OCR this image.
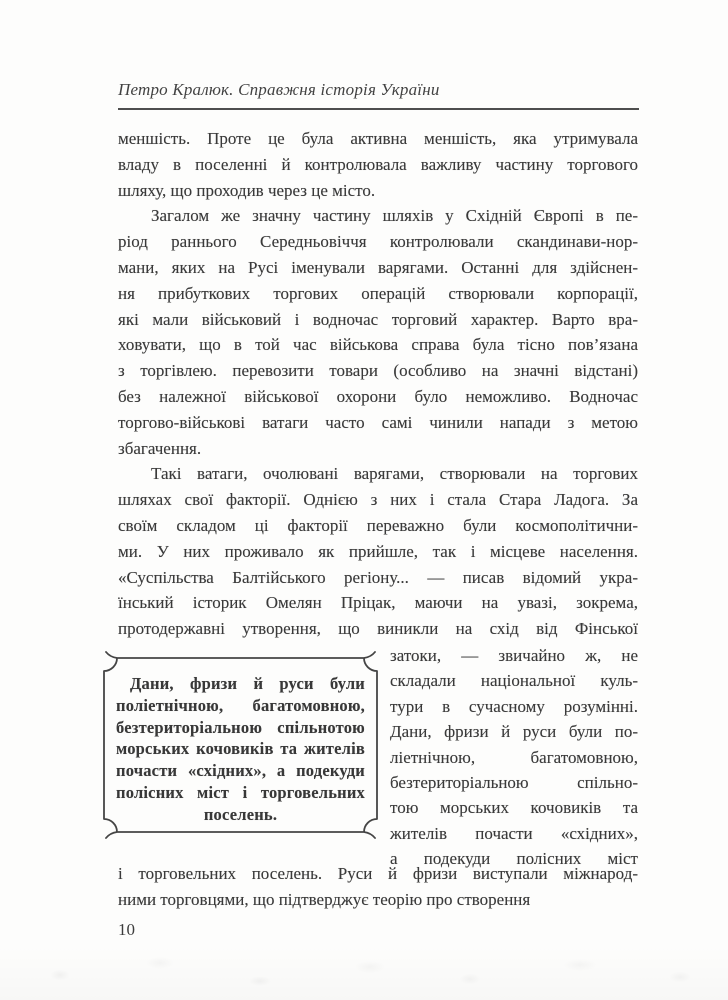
Петро Кралюк. Справжня історія України
меншість. Проте це була активна меншість, яка утримувала
владу в поселенні й контролювала важливу частину торгового
шляху, що проходив через це місто.
Загалом же значну частину шляхів у Східній Європі в пе-
ріод раннього Середньовіччя контролювали скандинави-нор-
мани, яких на Русі іменували варягами. Останні для здійснен-
ня прибуткових торгових операцій створювали корпорації,
які мали військовий і водночас торговий характер. Варто вра-
ховувати, що в той час військова справа була тісно пов’язана
з торгівлею. перевозити товари (особливо на значні відстані)
без належної військової охорони було неможливо. Водночас
торгово-військові ватаги часто самі чинили напади з метою
збагачення.
Такі ватаги, очолювані варягами, створювали на торгових
шляхах свої факторії. Однією з них і стала Стара Ладога. За
своїм складом ці факторії переважно були космополітични-
ми. У них проживало як прийшле, так і місцеве населення.
«Суспільства Балтійського регіону... — писав відомий укра-
їнський історик Омелян Пріцак, маючи на увазі, зокрема,
протодержавні утворення, що виникли на схід від Фінської
Дани, фризи й руси були
поліетнічною, багатомовною,
безтериторіальною спільнотою
морських кочовиків та жителів
почасти «східних», а подекуди
полісних міст і торговельних
поселень.
затоки, — звичайно ж, не
складали національної куль-
тури в сучасному розумінні.
Дани, фризи й руси були по-
ліетнічною, багатомовною,
безтериторіальною спільно-
тою морських кочовиків та
жителів почасти «східних»,
а подекуди полісних міст
і торговельних поселень. Руси й фризи виступали міжнарод-
ними торговцями, що підтверджує теорію про створення
10
